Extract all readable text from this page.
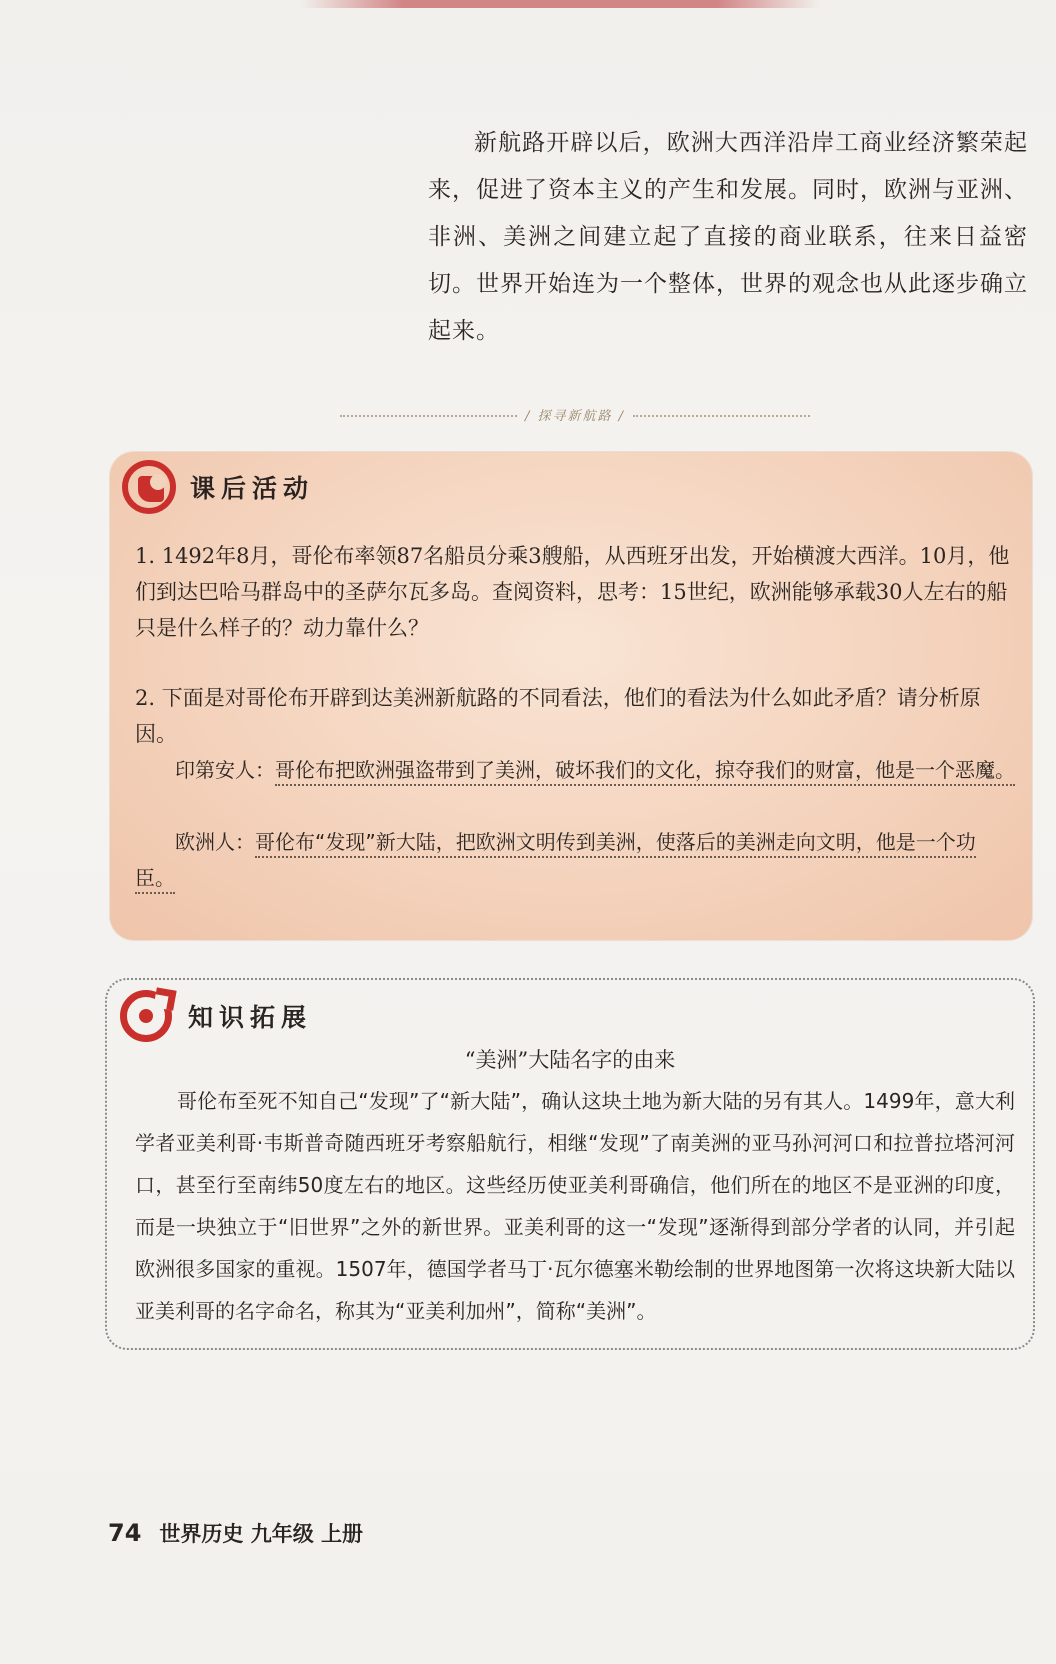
新航路开辟以后，欧洲大西洋沿岸工商业经济繁荣起来，促进了资本主义的产生和发展。同时，欧洲与亚洲、非洲、美洲之间建立起了直接的商业联系，往来日益密切。世界开始连为一个整体，世界的观念也从此逐步确立起来。

/ 探寻新航路 /
课后活动

1. 1492年8月，哥伦布率领87名船员分乘3艘船，从西班牙出发，开始横渡大西洋。10月，他们到达巴哈马群岛中的圣萨尔瓦多岛。查阅资料，思考：15世纪，欧洲能够承载30人左右的船只是什么样子的？动力靠什么？

2. 下面是对哥伦布开辟到达美洲新航路的不同看法，他们的看法为什么如此矛盾？请分析原因。

印第安人：哥伦布把欧洲强盗带到了美洲，破坏我们的文化，掠夺我们的财富，他是一个恶魔。
欧洲人：哥伦布“发现”新大陆，把欧洲文明传到美洲，使落后的美洲走向文明，他是一个功臣。
知识拓展
“美洲”大陆名字的由来

哥伦布至死不知自己“发现”了“新大陆”，确认这块土地为新大陆的另有其人。1499年，意大利学者亚美利哥·韦斯普奇随西班牙考察船航行，相继“发现”了南美洲的亚马孙河河口和拉普拉塔河河口，甚至行至南纬50度左右的地区。这些经历使亚美利哥确信，他们所在的地区不是亚洲的印度，而是一块独立于“旧世界”之外的新世界。亚美利哥的这一“发现”逐渐得到部分学者的认同，并引起欧洲很多国家的重视。1507年，德国学者马丁·瓦尔德塞米勒绘制的世界地图第一次将这块新大陆以亚美利哥的名字命名，称其为“亚美利加州”，简称“美洲”。

74 世界历史 九年级 上册
